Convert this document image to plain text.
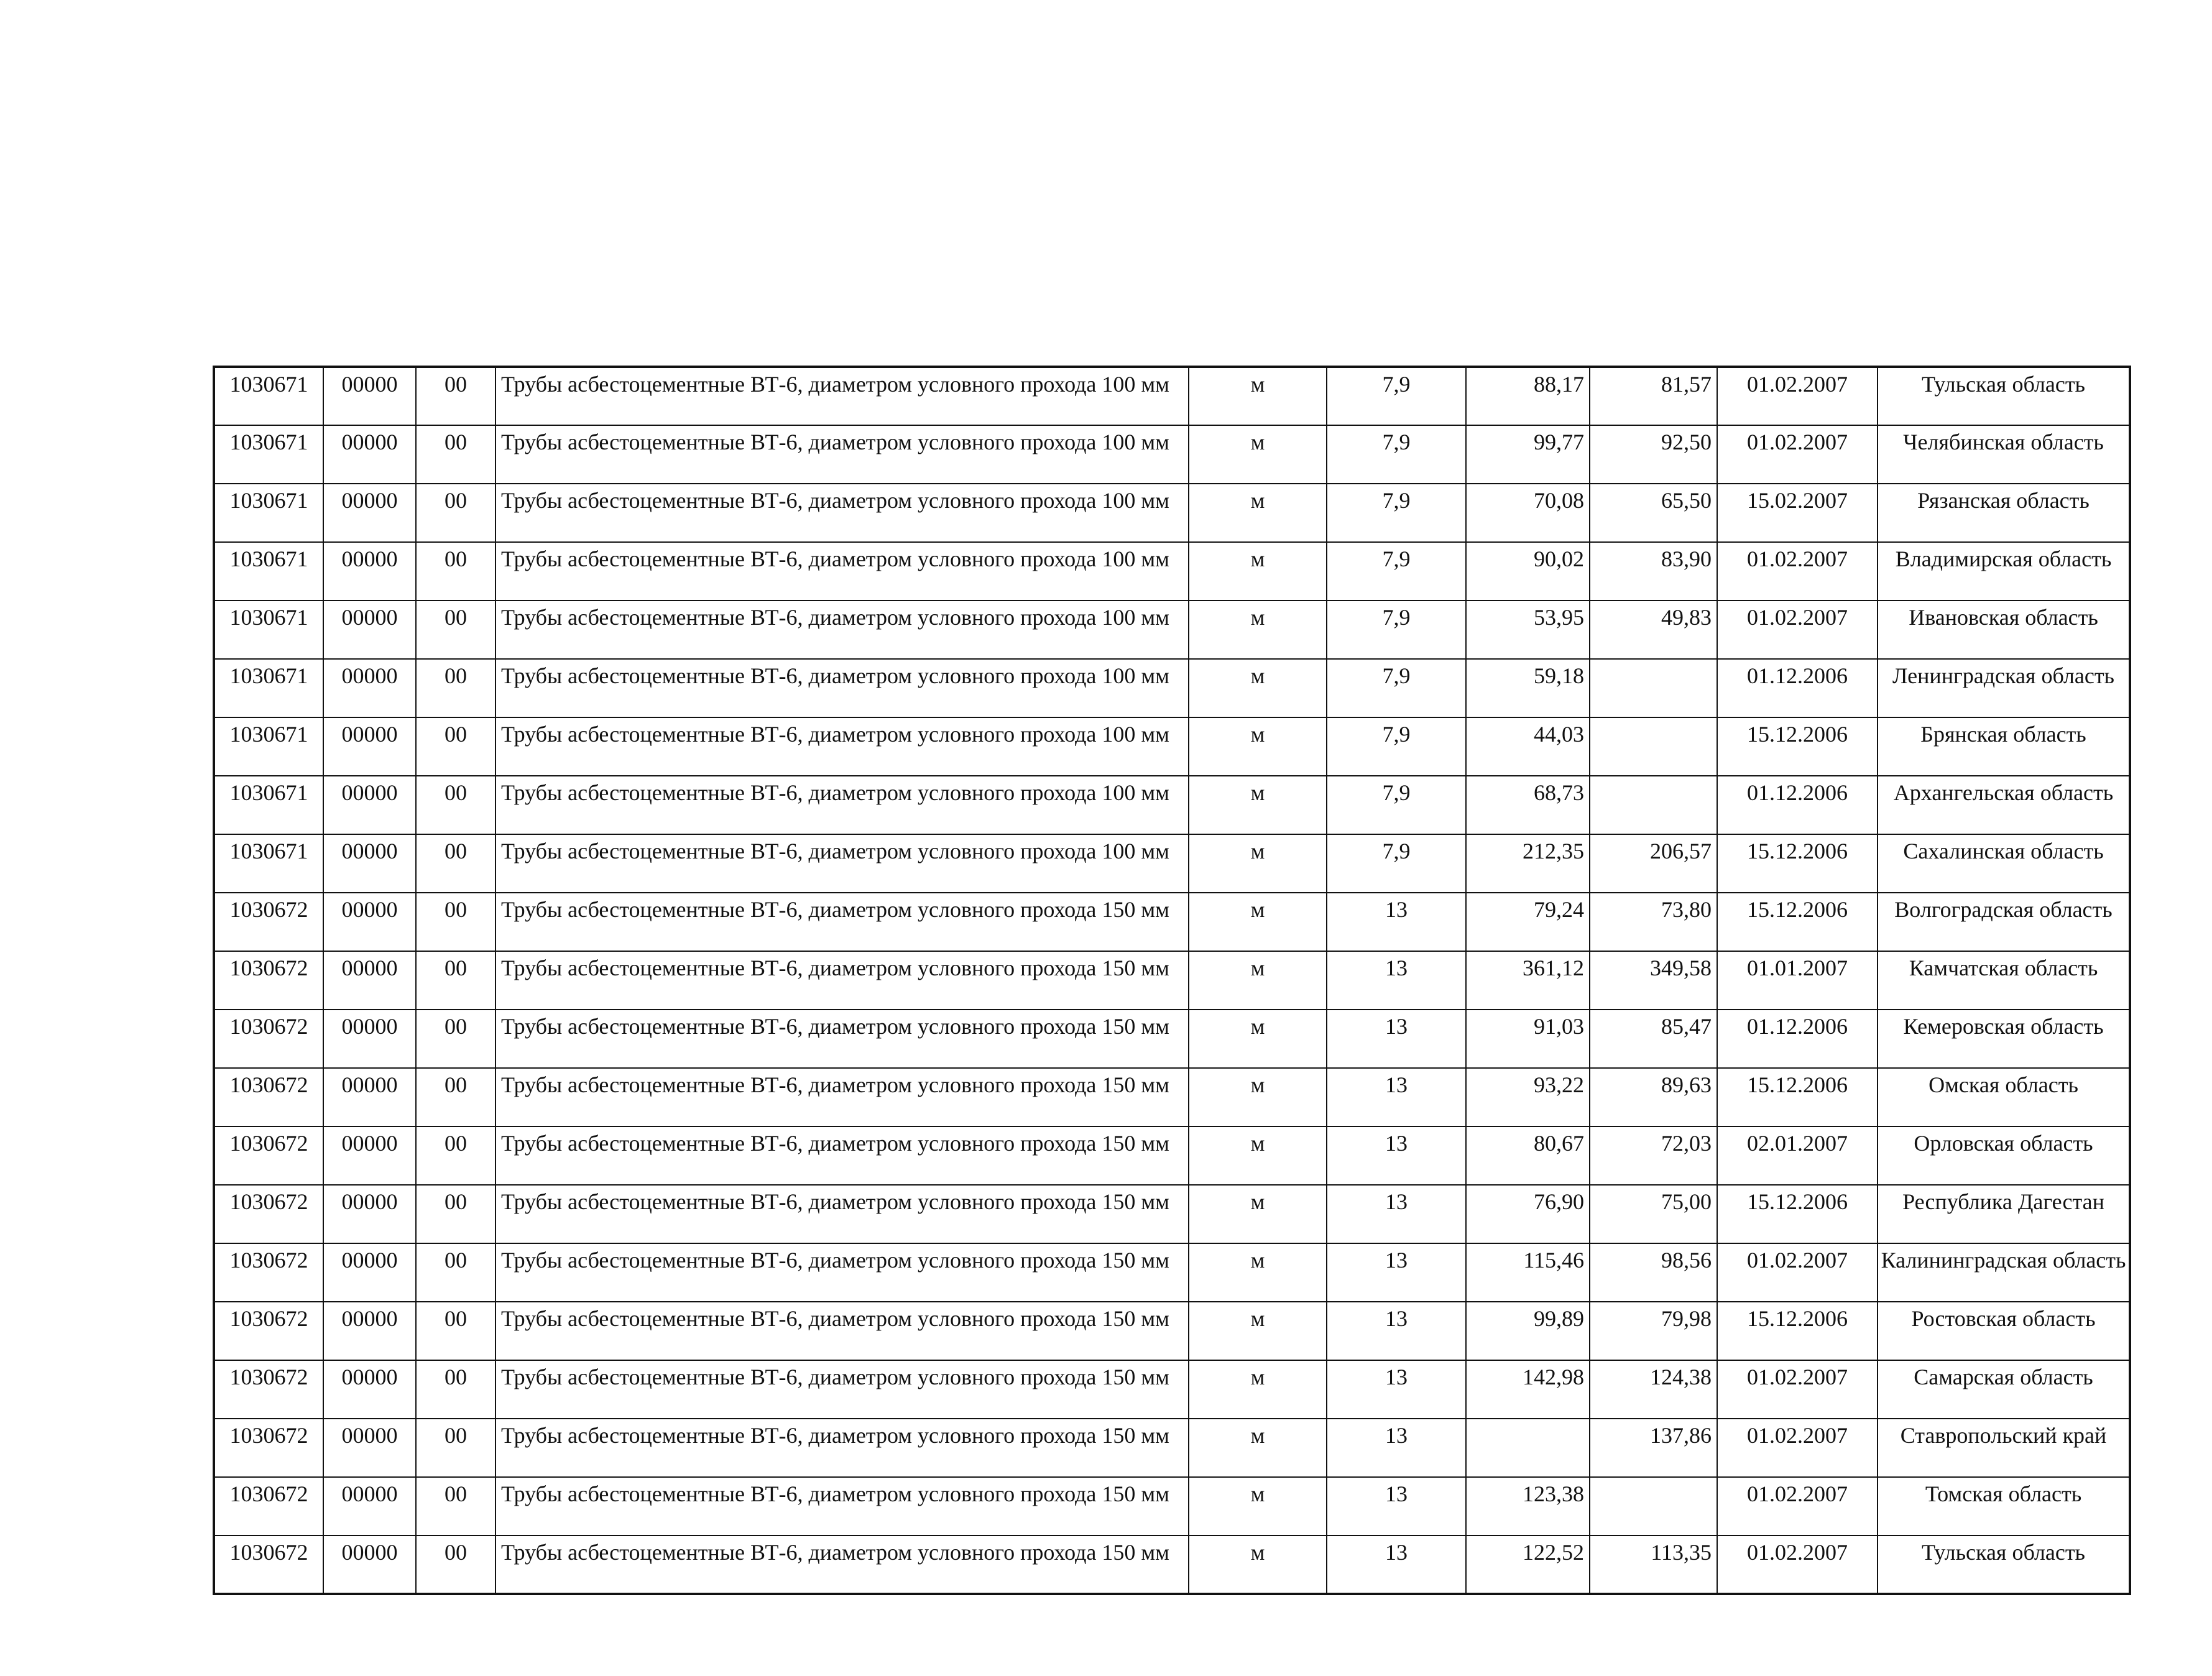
1030671	00000	00	Трубы асбестоцементные ВТ-6, диаметром условного прохода 100 мм	м	7,9	88,17	81,57	01.02.2007	Тульская область
1030671	00000	00	Трубы асбестоцементные ВТ-6, диаметром условного прохода 100 мм	м	7,9	99,77	92,50	01.02.2007	Челябинская область
1030671	00000	00	Трубы асбестоцементные ВТ-6, диаметром условного прохода 100 мм	м	7,9	70,08	65,50	15.02.2007	Рязанская область
1030671	00000	00	Трубы асбестоцементные ВТ-6, диаметром условного прохода 100 мм	м	7,9	90,02	83,90	01.02.2007	Владимирская область
1030671	00000	00	Трубы асбестоцементные ВТ-6, диаметром условного прохода 100 мм	м	7,9	53,95	49,83	01.02.2007	Ивановская область
1030671	00000	00	Трубы асбестоцементные ВТ-6, диаметром условного прохода 100 мм	м	7,9	59,18		01.12.2006	Ленинградская область
1030671	00000	00	Трубы асбестоцементные ВТ-6, диаметром условного прохода 100 мм	м	7,9	44,03		15.12.2006	Брянская область
1030671	00000	00	Трубы асбестоцементные ВТ-6, диаметром условного прохода 100 мм	м	7,9	68,73		01.12.2006	Архангельская область
1030671	00000	00	Трубы асбестоцементные ВТ-6, диаметром условного прохода 100 мм	м	7,9	212,35	206,57	15.12.2006	Сахалинская область
1030672	00000	00	Трубы асбестоцементные ВТ-6, диаметром условного прохода 150 мм	м	13	79,24	73,80	15.12.2006	Волгоградская область
1030672	00000	00	Трубы асбестоцементные ВТ-6, диаметром условного прохода 150 мм	м	13	361,12	349,58	01.01.2007	Камчатская область
1030672	00000	00	Трубы асбестоцементные ВТ-6, диаметром условного прохода 150 мм	м	13	91,03	85,47	01.12.2006	Кемеровская область
1030672	00000	00	Трубы асбестоцементные ВТ-6, диаметром условного прохода 150 мм	м	13	93,22	89,63	15.12.2006	Омская область
1030672	00000	00	Трубы асбестоцементные ВТ-6, диаметром условного прохода 150 мм	м	13	80,67	72,03	02.01.2007	Орловская область
1030672	00000	00	Трубы асбестоцементные ВТ-6, диаметром условного прохода 150 мм	м	13	76,90	75,00	15.12.2006	Республика Дагестан
1030672	00000	00	Трубы асбестоцементные ВТ-6, диаметром условного прохода 150 мм	м	13	115,46	98,56	01.02.2007	Калининградская область
1030672	00000	00	Трубы асбестоцементные ВТ-6, диаметром условного прохода 150 мм	м	13	99,89	79,98	15.12.2006	Ростовская область
1030672	00000	00	Трубы асбестоцементные ВТ-6, диаметром условного прохода 150 мм	м	13	142,98	124,38	01.02.2007	Самарская область
1030672	00000	00	Трубы асбестоцементные ВТ-6, диаметром условного прохода 150 мм	м	13		137,86	01.02.2007	Ставропольский край
1030672	00000	00	Трубы асбестоцементные ВТ-6, диаметром условного прохода 150 мм	м	13	123,38		01.02.2007	Томская область
1030672	00000	00	Трубы асбестоцементные ВТ-6, диаметром условного прохода 150 мм	м	13	122,52	113,35	01.02.2007	Тульская область
